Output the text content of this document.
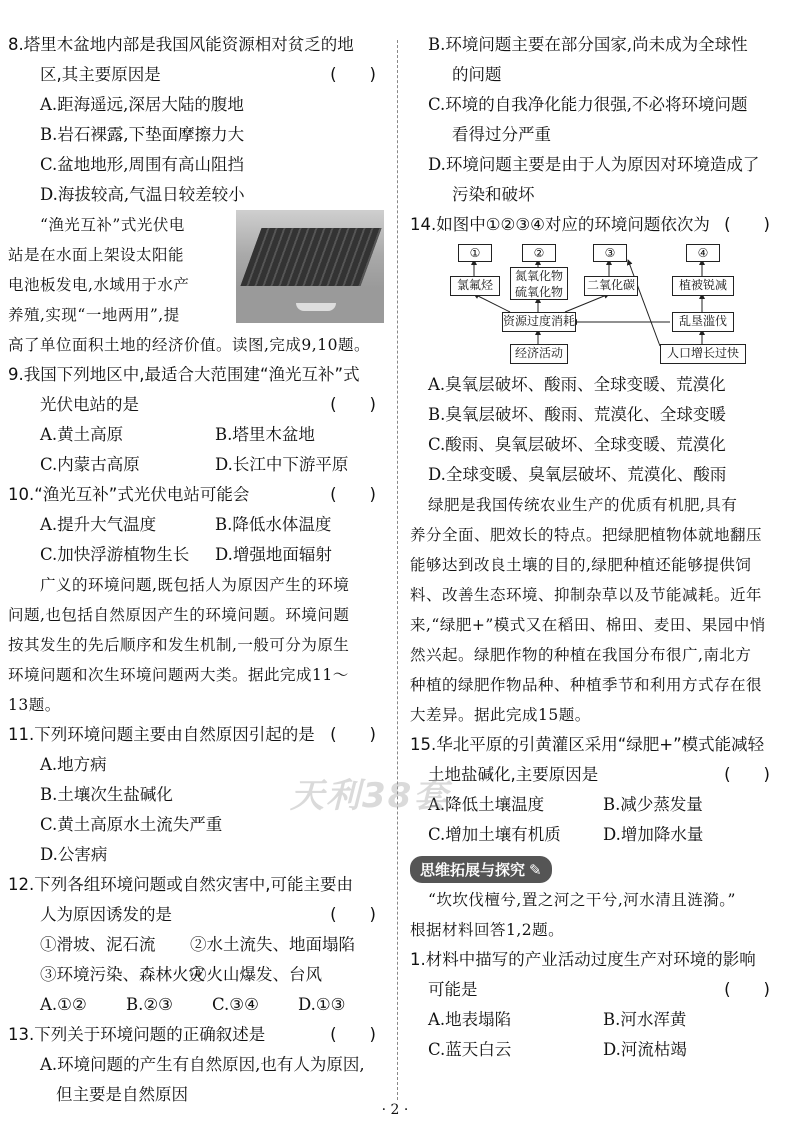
8.塔里木盆地内部是我国风能资源相对贫乏的地
区,其主要原因是	(　　)
A.距海遥远,深居大陆的腹地
B.岩石裸露,下垫面摩擦力大
C.盆地地形,周围有高山阻挡
D.海拔较高,气温日较差较小
“渔光互补”式光伏电
站是在水面上架设太阳能
电池板发电,水域用于水产
养殖,实现“一地两用”,提
高了单位面积土地的经济价值。读图,完成9,10题。
9.我国下列地区中,最适合大范围建“渔光互补”式
光伏电站的是	(　　)
A.黄土高原	B.塔里木盆地
C.内蒙古高原	D.长江中下游平原
10.“渔光互补”式光伏电站可能会	(　　)
A.提升大气温度	B.降低水体温度
C.加快浮游植物生长	D.增强地面辐射
广义的环境问题,既包括人为原因产生的环境
问题,也包括自然原因产生的环境问题。环境问题
按其发生的先后顺序和发生机制,一般可分为原生
环境问题和次生环境问题两大类。据此完成11～
13题。
11.下列环境问题主要由自然原因引起的是 (　　)
A.地方病
B.土壤次生盐碱化
C.黄土高原水土流失严重
D.公害病
12.下列各组环境问题或自然灾害中,可能主要由
人为原因诱发的是	(　　)
①滑坡、泥石流	②水土流失、地面塌陷
③环境污染、森林火灾
④火山爆发、台风
A.①②	B.②③	C.③④	D.①③
13.下列关于环境问题的正确叙述是	(　　)
A.环境问题的产生有自然原因,也有人为原因,
但主要是自然原因
B.环境问题主要在部分国家,尚未成为全球性
的问题
C.环境的自我净化能力很强,不必将环境问题
看得过分严重
D.环境问题主要是由于人为原因对环境造成了
污染和破坏
14.如图中①②③④对应的环境问题依次为 (　　)
①	②	③	④
氯氟烃
氮氧化物
硫氧化物	二氧化碳	植被锐减
资源过度消耗	乱垦滥伐
经济活动	人口增长过快
A.臭氧层破坏、酸雨、全球变暖、荒漠化
B.臭氧层破坏、酸雨、荒漠化、全球变暖
C.酸雨、臭氧层破坏、全球变暖、荒漠化
D.全球变暖、臭氧层破坏、荒漠化、酸雨
绿肥是我国传统农业生产的优质有机肥,具有
养分全面、肥效长的特点。把绿肥植物体就地翻压
能够达到改良土壤的目的,绿肥种植还能够提供饲
料、改善生态环境、抑制杂草以及节能减耗。近年
来,“绿肥+”模式又在稻田、棉田、麦田、果园中悄
然兴起。绿肥作物的种植在我国分布很广,南北方
种植的绿肥作物品种、种植季节和利用方式存在很
大差异。据此完成15题。
15.华北平原的引黄灌区采用“绿肥+”模式能减轻
土地盐碱化,主要原因是	(　　)
A.降低土壤温度	B.减少蒸发量
C.增加土壤有机质	D.增加降水量
思维拓展与探究 ✎
“坎坎伐檀兮,置之河之干兮,河水清且涟漪。”
根据材料回答1,2题。
1.材料中描写的产业活动过度生产对环境的影响
可能是	(　　)
A.地表塌陷	B.河水浑黄
C.蓝天白云	D.河流枯竭
天利38套
· 2 ·
